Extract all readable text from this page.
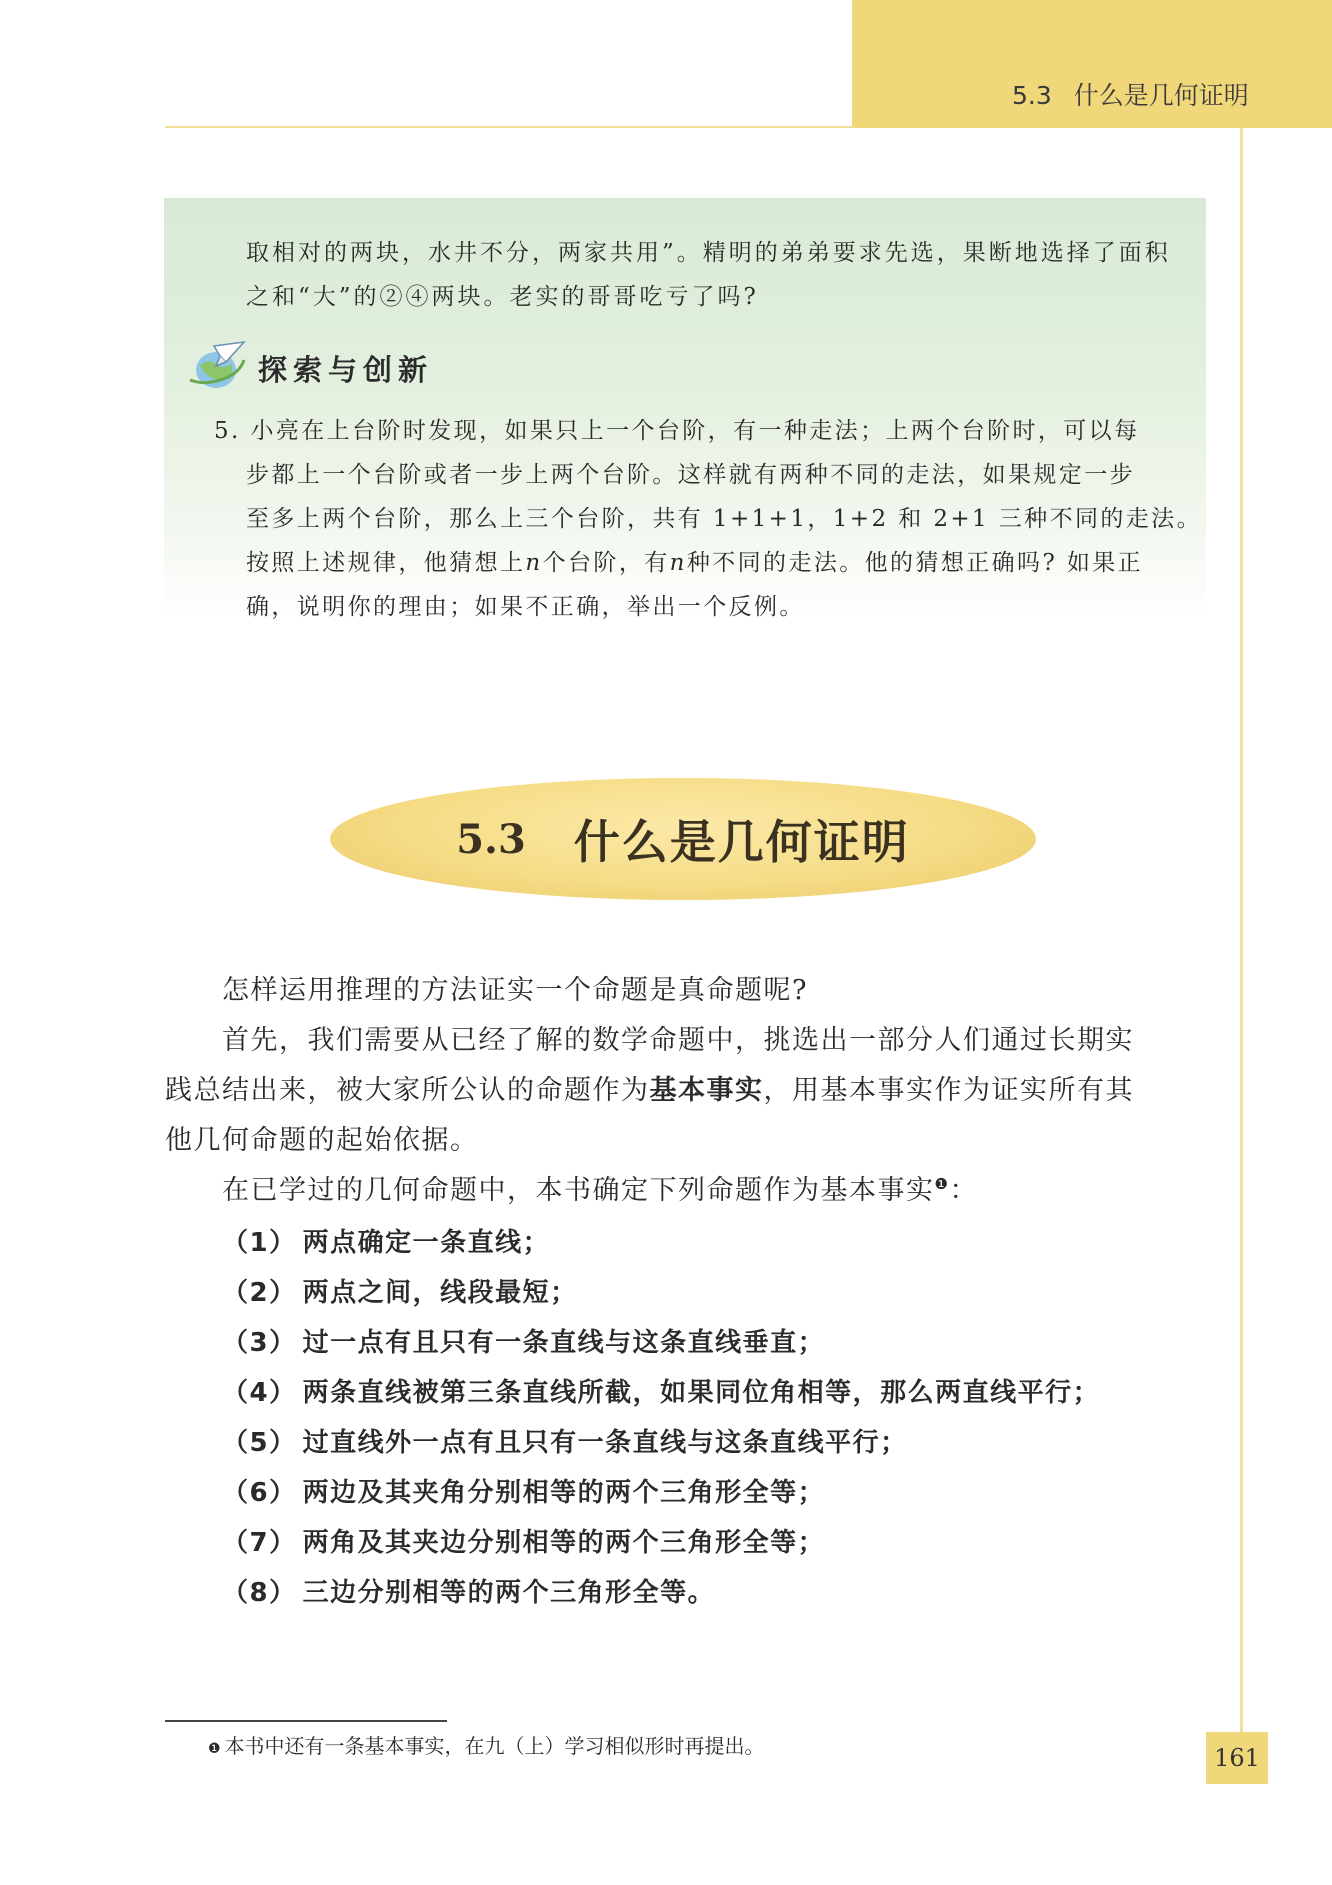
5.3 什么是几何证明
取相对的两块，水井不分，两家共用”。精明的弟弟要求先选，果断地选择了面积
之和“大”的②④两块。老实的哥哥吃亏了吗?
探索与创新
5. 小亮在上台阶时发现，如果只上一个台阶，有一种走法；上两个台阶时，可以每
步都上一个台阶或者一步上两个台阶。这样就有两种不同的走法，如果规定一步
至多上两个台阶，那么上三个台阶，共有 1+1+1，1+2 和 2+1 三种不同的走法。
按照上述规律，他猜想上n个台阶，有n种不同的走法。他的猜想正确吗? 如果正
确，说明你的理由；如果不正确，举出一个反例。
5.3 什么是几何证明
怎样运用推理的方法证实一个命题是真命题呢?
首先，我们需要从已经了解的数学命题中，挑选出一部分人们通过长期实
践总结出来，被大家所公认的命题作为基本事实，用基本事实作为证实所有其
他几何命题的起始依据。
在已学过的几何命题中，本书确定下列命题作为基本事实$^❶$：
（1） 两点确定一条直线；
（2） 两点之间，线段最短；
（3） 过一点有且只有一条直线与这条直线垂直；
（4） 两条直线被第三条直线所截，如果同位角相等，那么两直线平行；
（5） 过直线外一点有且只有一条直线与这条直线平行；
（6） 两边及其夹角分别相等的两个三角形全等；
（7） 两角及其夹边分别相等的两个三角形全等；
（8） 三边分别相等的两个三角形全等。
❶ 本书中还有一条基本事实，在九（上）学习相似形时再提出。	161
